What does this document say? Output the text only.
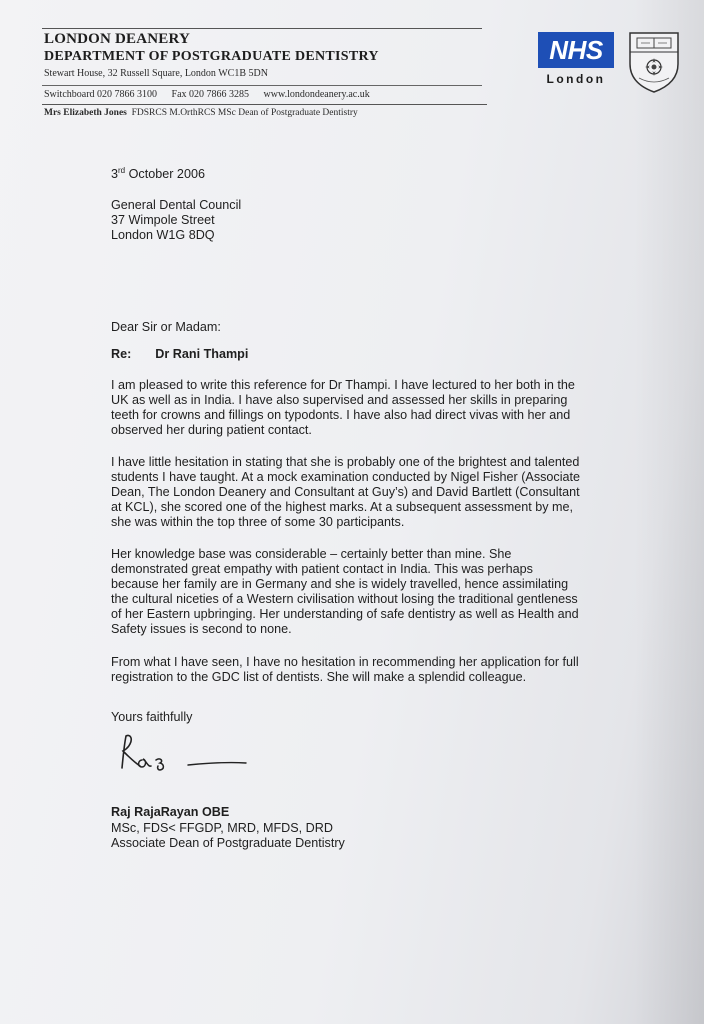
LONDON DEANERY
DEPARTMENT OF POSTGRADUATE DENTISTRY
Stewart House, 32 Russell Square, London WC1B 5DN
Switchboard 020 7866 3100 Fax 020 7866 3285 www.londondeanery.ac.uk
Mrs Elizabeth Jones FDSRCS M.OrthRCS MSc Dean of Postgraduate Dentistry
NHS
London
3rd October 2006
General Dental Council
37 Wimpole Street
London W1G 8DQ
Dear Sir or Madam:
Re: Dr Rani Thampi
I am pleased to write this reference for Dr Thampi. I have lectured to her both in the
UK as well as in India. I have also supervised and assessed her skills in preparing
teeth for crowns and fillings on typodonts. I have also had direct vivas with her and
observed her during patient contact.
I have little hesitation in stating that she is probably one of the brightest and talented
students I have taught. At a mock examination conducted by Nigel Fisher (Associate
Dean, The London Deanery and Consultant at Guy’s) and David Bartlett (Consultant
at KCL), she scored one of the highest marks. At a subsequent assessment by me,
she was within the top three of some 30 participants.
Her knowledge base was considerable – certainly better than mine. She
demonstrated great empathy with patient contact in India. This was perhaps
because her family are in Germany and she is widely travelled, hence assimilating
the cultural niceties of a Western civilisation without losing the traditional gentleness
of her Eastern upbringing. Her understanding of safe dentistry as well as Health and
Safety issues is second to none.
From what I have seen, I have no hesitation in recommending her application for full
registration to the GDC list of dentists. She will make a splendid colleague.
Yours faithfully
Raj RajaRayan OBE
MSc, FDS< FFGDP, MRD, MFDS, DRD
Associate Dean of Postgraduate Dentistry
